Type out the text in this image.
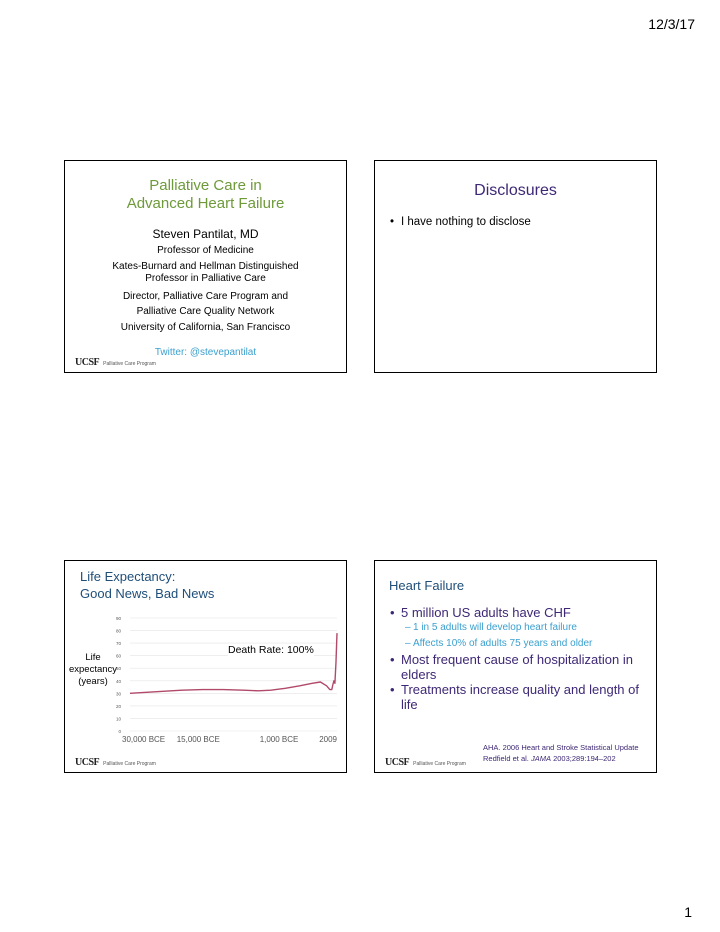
12/3/17
Palliative Care in
Advanced Heart Failure
Steven Pantilat, MD
Professor of Medicine
Kates-Burnard and Hellman Distinguished
Professor in Palliative Care
Director, Palliative Care Program and
Palliative Care Quality Network
University of California, San Francisco
Twitter: @stevepantilat
UCSF Palliative Care Program
Disclosures
• I have nothing to disclose
Life Expectancy:
Good News, Bad News
Life
expectancy
(years)
0
10
20
30
40
50
60
70
80
90
30,000 BCE 15,000 BCE	1,000 BCE	2009
Death Rate: 100%
UCSF Palliative Care Program
Heart Failure
• 5 million US adults have CHF
– 1 in 5 adults will develop heart failure
– Affects 10% of adults 75 years and older
• Most frequent cause of hospitalization in
elders
• Treatments increase quality and length of
life
AHA. 2006 Heart and Stroke Statistical Update
Redfield et al. JAMA 2003;289:194–202
UCSF Palliative Care Program
1
